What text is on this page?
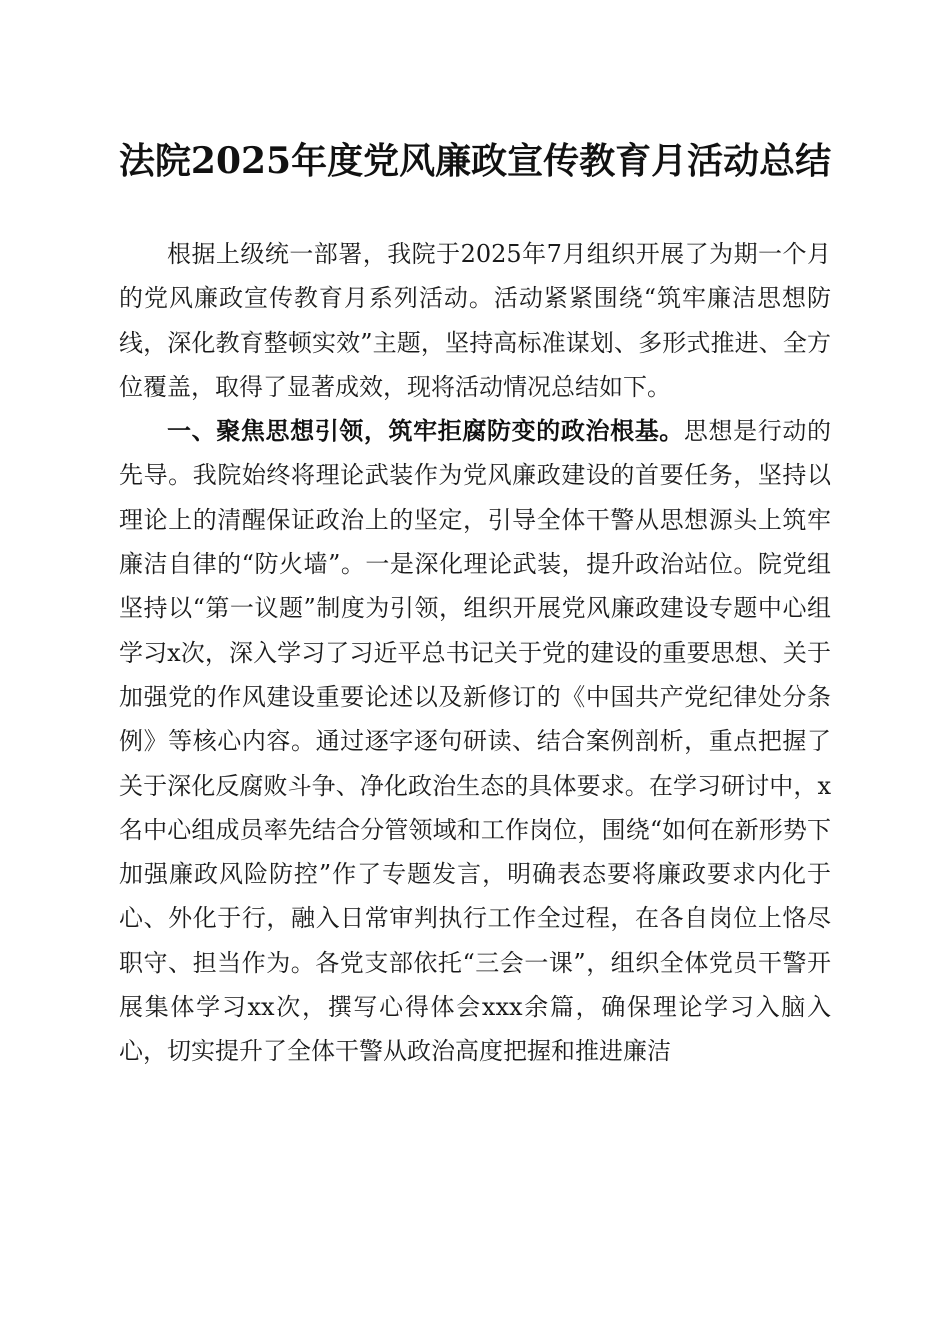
法院2025年度党风廉政宣传教育月活动总结

根据上级统一部署，我院于2025年7月组织开展了为期一个月的党风廉政宣传教育月系列活动。活动紧紧围绕“筑牢廉洁思想防线，深化教育整顿实效”主题，坚持高标准谋划、多形式推进、全方位覆盖，取得了显著成效，现将活动情况总结如下。

一、聚焦思想引领，筑牢拒腐防变的政治根基。思想是行动的先导。我院始终将理论武装作为党风廉政建设的首要任务，坚持以理论上的清醒保证政治上的坚定，引导全体干警从思想源头上筑牢廉洁自律的“防火墙”。一是深化理论武装，提升政治站位。院党组坚持以“第一议题”制度为引领，组织开展党风廉政建设专题中心组学习x次，深入学习了习近平总书记关于党的建设的重要思想、关于加强党的作风建设重要论述以及新修订的《中国共产党纪律处分条例》等核心内容。通过逐字逐句研读、结合案例剖析，重点把握了关于深化反腐败斗争、净化政治生态的具体要求。在学习研讨中，x名中心组成员率先结合分管领域和工作岗位，围绕“如何在新形势下加强廉政风险防控”作了专题发言，明确表态要将廉政要求内化于心、外化于行，融入日常审判执行工作全过程，在各自岗位上恪尽职守、担当作为。各党支部依托“三会一课”，组织全体党员干警开展集体学习xx次，撰写心得体会xxx余篇，确保理论学习入脑入心，切实提升了全体干警从政治高度把握和推进廉洁
